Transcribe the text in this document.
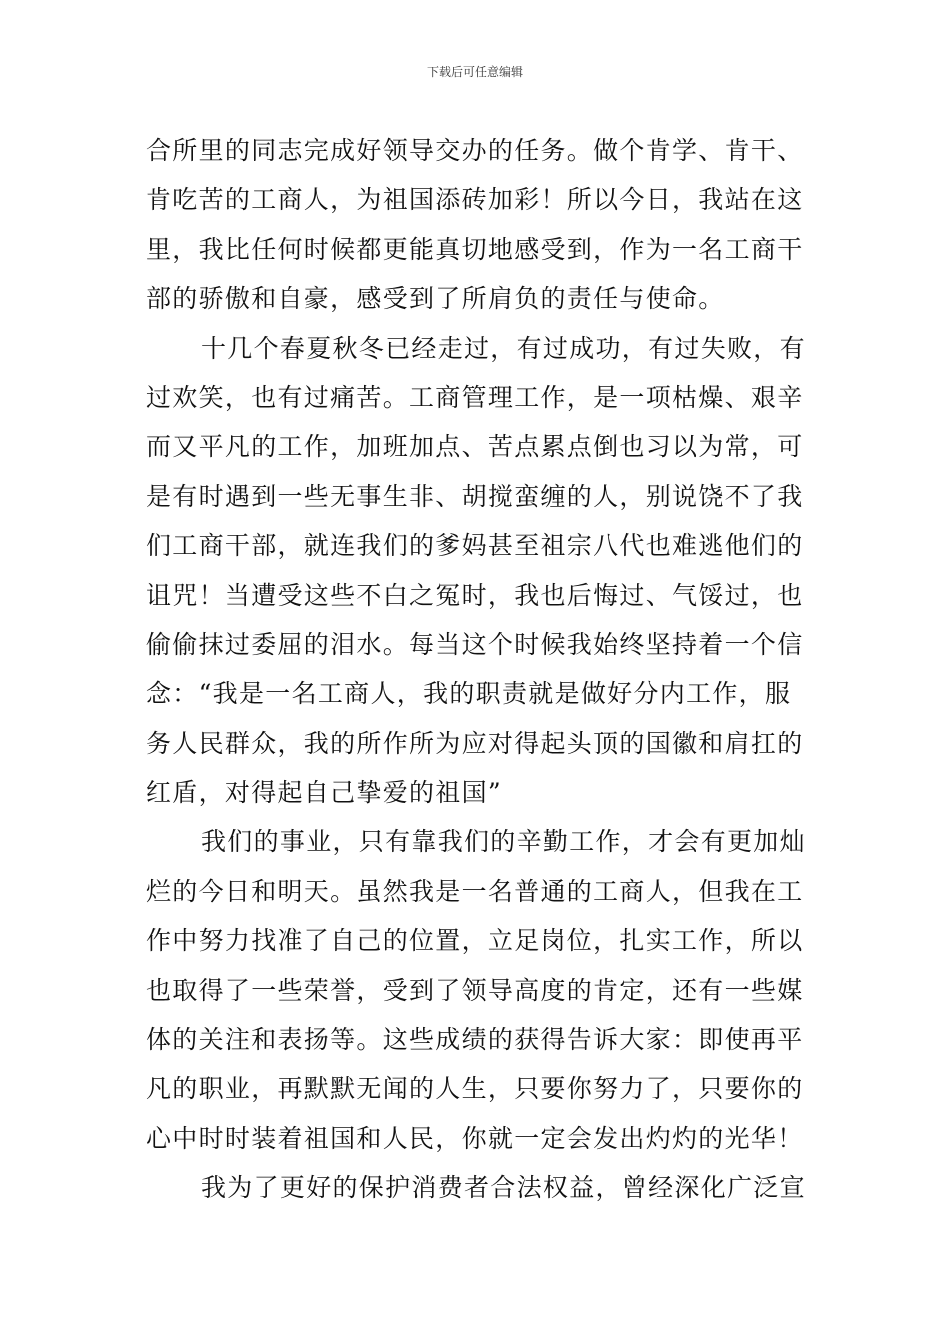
下载后可任意编辑
合所里的同志完成好领导交办的任务。做个肯学、肯干、
肯吃苦的工商人，为祖国添砖加彩！所以今日，我站在这
里，我比任何时候都更能真切地感受到，作为一名工商干
部的骄傲和自豪，感受到了所肩负的责任与使命。
十几个春夏秋冬已经走过，有过成功，有过失败，有
过欢笑，也有过痛苦。工商管理工作，是一项枯燥、艰辛
而又平凡的工作，加班加点、苦点累点倒也习以为常，可
是有时遇到一些无事生非、胡搅蛮缠的人，别说饶不了我
们工商干部，就连我们的爹妈甚至祖宗八代也难逃他们的
诅咒！当遭受这些不白之冤时，我也后悔过、气馁过，也
偷偷抹过委屈的泪水。每当这个时候我始终坚持着一个信
念：“我是一名工商人，我的职责就是做好分内工作，服
务人民群众，我的所作所为应对得起头顶的国徽和肩扛的
红盾，对得起自己挚爱的祖国”
我们的事业，只有靠我们的辛勤工作，才会有更加灿
烂的今日和明天。虽然我是一名普通的工商人，但我在工
作中努力找准了自己的位置，立足岗位，扎实工作，所以
也取得了一些荣誉，受到了领导高度的肯定，还有一些媒
体的关注和表扬等。这些成绩的获得告诉大家：即使再平
凡的职业，再默默无闻的人生，只要你努力了，只要你的
心中时时装着祖国和人民，你就一定会发出灼灼的光华！
我为了更好的保护消费者合法权益，曾经深化广泛宣
